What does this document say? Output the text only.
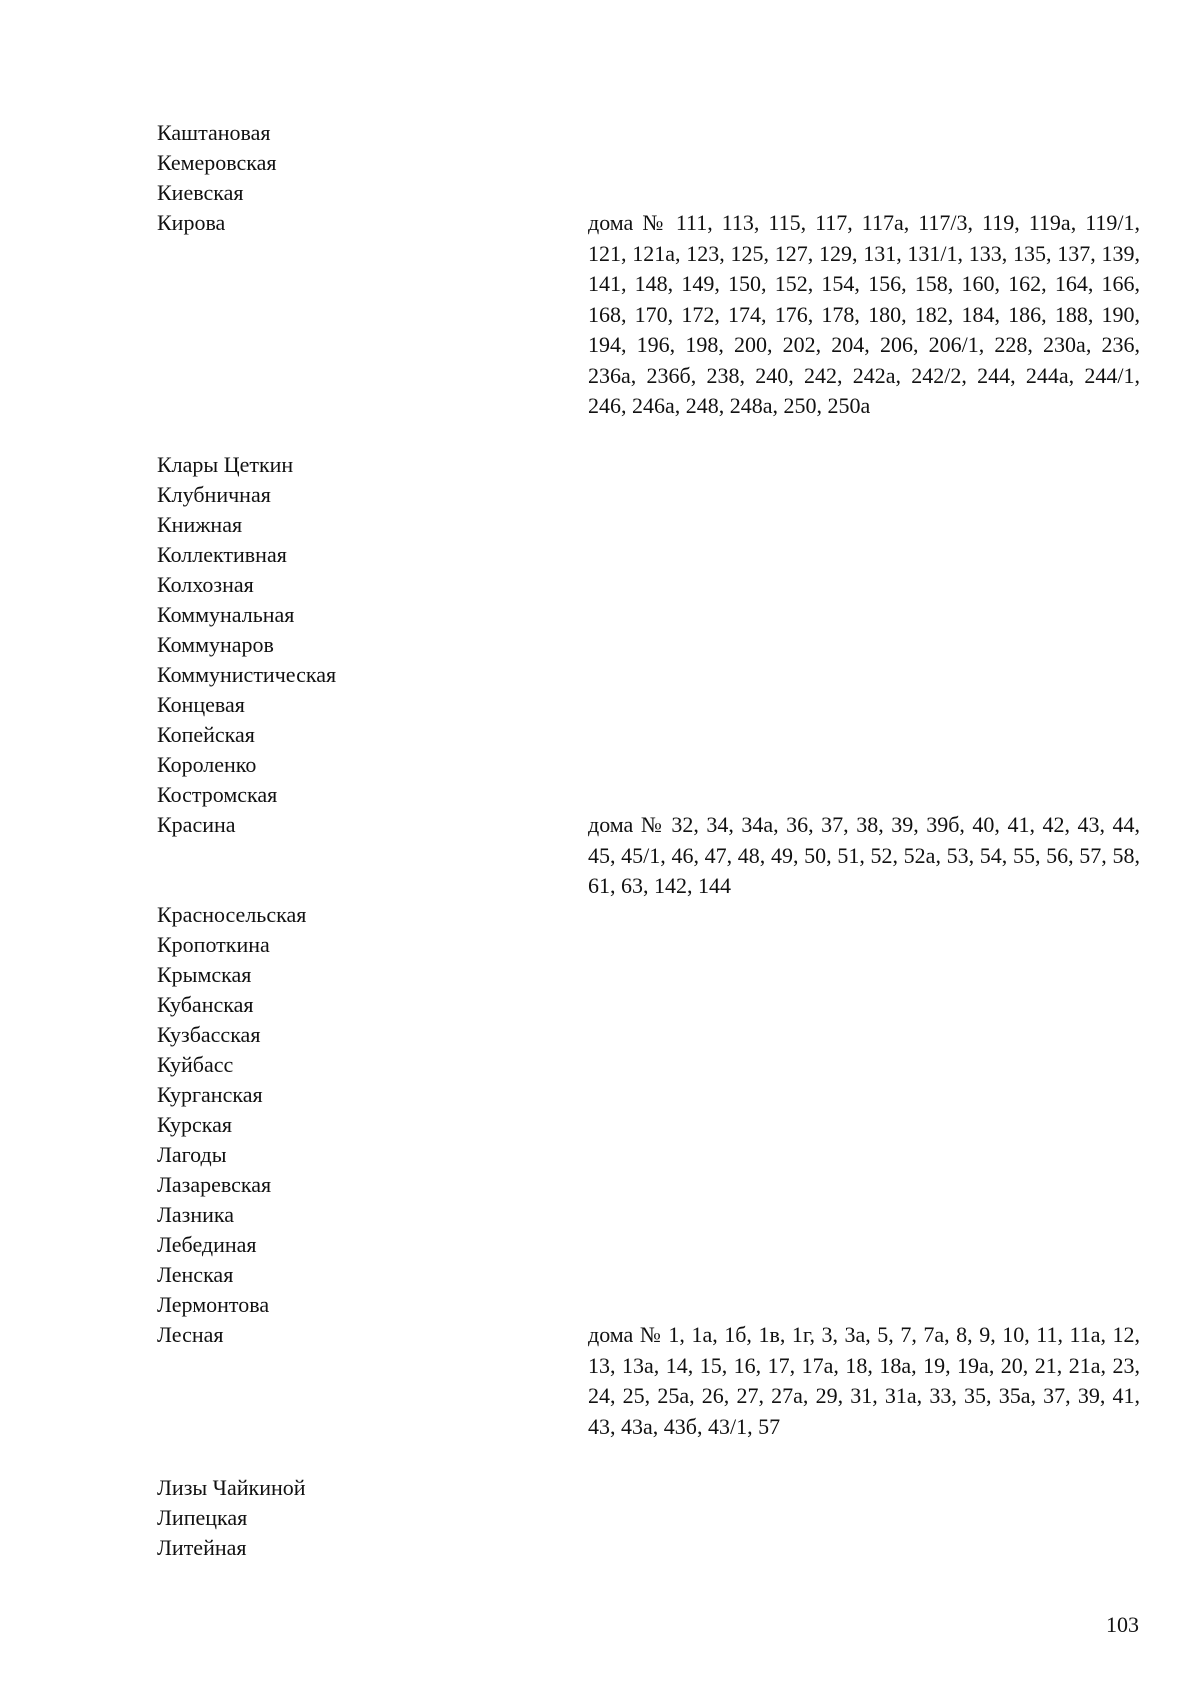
Каштановая
Кемеровская
Киевская
Кирова	дома № 111, 113, 115, 117, 117а, 117/3, 119, 119а, 119/1, 121, 121а, 123, 125, 127, 129, 131, 131/1, 133, 135, 137, 139, 141, 148, 149, 150, 152, 154, 156, 158, 160, 162, 164, 166, 168, 170, 172, 174, 176, 178, 180, 182, 184, 186, 188, 190, 194, 196, 198, 200, 202, 204, 206, 206/1, 228, 230а, 236, 236а, 236б, 238, 240, 242, 242а, 242/2, 244, 244а, 244/1, 246, 246а, 248, 248а, 250, 250а
Клары Цеткин
Клубничная
Книжная
Коллективная
Колхозная
Коммунальная
Коммунаров
Коммунистическая
Концевая
Копейская
Короленко
Костромская
Красина	дома № 32, 34, 34а, 36, 37, 38, 39, 39б, 40, 41, 42, 43, 44, 45, 45/1, 46, 47, 48, 49, 50, 51, 52, 52а, 53, 54, 55, 56, 57, 58, 61, 63, 142, 144
Красносельская
Кропоткина
Крымская
Кубанская
Кузбасская
Куйбасс
Курганская
Курская
Лагоды
Лазаревская
Лазника
Лебединая
Ленская
Лермонтова
Лесная	дома № 1, 1а, 1б, 1в, 1г, 3, 3а, 5, 7, 7а, 8, 9, 10, 11, 11а, 12, 13, 13а, 14, 15, 16, 17, 17а, 18, 18а, 19, 19а, 20, 21, 21а, 23, 24, 25, 25а, 26, 27, 27а, 29, 31, 31а, 33, 35, 35а, 37, 39, 41, 43, 43а, 43б, 43/1, 57
Лизы Чайкиной
Липецкая
Литейная
103
